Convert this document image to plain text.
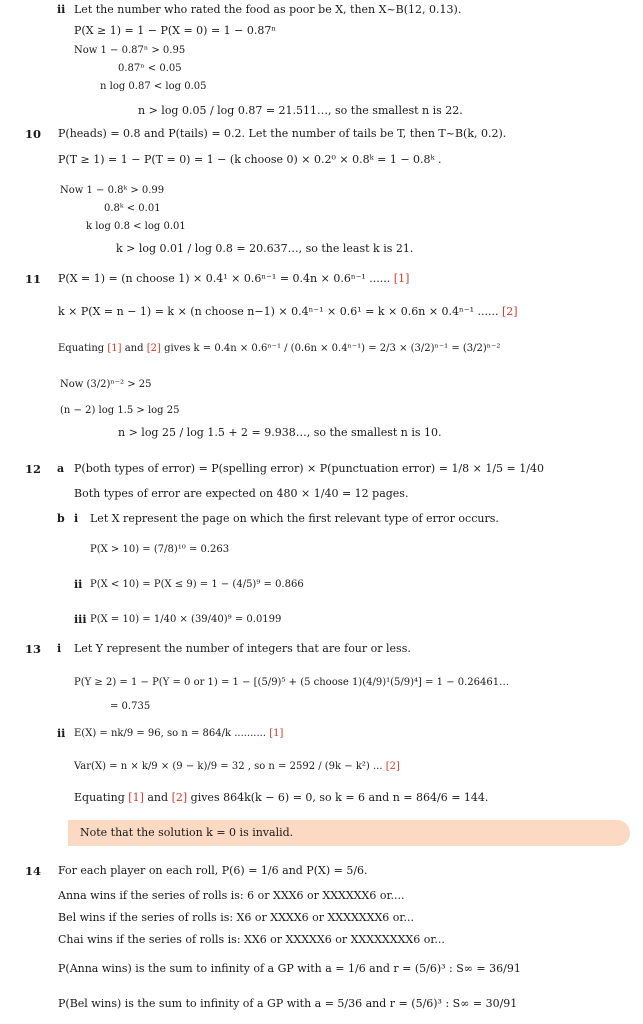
ii Let the number who rated the food as poor be X, then X~B(12, 0.13).
P(X ≥ 1) = 1 − P(X = 0) = 1 − 0.87ⁿ
Now 1 − 0.87ⁿ > 0.95
0.87ⁿ < 0.05
n log 0.87 < log 0.05
n > log 0.05 / log 0.87 = 21.511…, so the smallest n is 22.
10 P(heads) = 0.8 and P(tails) = 0.2. Let the number of tails be T, then T~B(k, 0.2).
P(T ≥ 1) = 1 − P(T = 0) = 1 − (k choose 0) × 0.2⁰ × 0.8ᵏ = 1 − 0.8ᵏ .
Now 1 − 0.8ᵏ > 0.99
0.8ᵏ < 0.01
k log 0.8 < log 0.01
k > log 0.01 / log 0.8 = 20.637…, so the least k is 21.
11 P(X = 1) = (n choose 1) × 0.4¹ × 0.6ⁿ⁻¹ = 0.4n × 0.6ⁿ⁻¹ ...... [1]
k × P(X = n − 1) = k × (n choose n−1) × 0.4ⁿ⁻¹ × 0.6¹ = k × 0.6n × 0.4ⁿ⁻¹ ...... [2]
Equating [1] and [2] gives k = 0.4n × 0.6ⁿ⁻¹ / (0.6n × 0.4ⁿ⁻¹) = 2/3 × (3/2)ⁿ⁻¹ = (3/2)ⁿ⁻²
Now (3/2)ⁿ⁻² > 25
(n − 2) log 1.5 > log 25
n > log 25 / log 1.5 + 2 = 9.938…, so the smallest n is 10.
12 a P(both types of error) = P(spelling error) × P(punctuation error) = 1/8 × 1/5 = 1/40
Both types of error are expected on 480 × 1/40 = 12 pages.
b i Let X represent the page on which the first relevant type of error occurs.
P(X > 10) = (7/8)¹⁰ = 0.263
ii P(X < 10) = P(X ≤ 9) = 1 − (4/5)⁹ = 0.866
iii P(X = 10) = 1/40 × (39/40)⁹ = 0.0199
13 i Let Y represent the number of integers that are four or less.
P(Y ≥ 2) = 1 − P(Y = 0 or 1) = 1 − [(5/9)⁵ + (5 choose 1)(4/9)¹(5/9)⁴] = 1 − 0.26461…
= 0.735
ii E(X) = nk/9 = 96, so n = 864/k .......... [1]
Var(X) = n × k/9 × (9 − k)/9 = 32 , so n = 2592 / (9k − k²) ... [2]
Equating [1] and [2] gives 864k(k − 6) = 0, so k = 6 and n = 864/6 = 144.
Note that the solution k = 0 is invalid.
14 For each player on each roll, P(6) = 1/6 and P(X) = 5/6.
Anna wins if the series of rolls is: 6 or XXX6 or XXXXXX6 or....
Bel wins if the series of rolls is: X6 or XXXX6 or XXXXXXX6 or...
Chai wins if the series of rolls is: XX6 or XXXXX6 or XXXXXXXX6 or...
P(Anna wins) is the sum to infinity of a GP with a = 1/6 and r = (5/6)³ : S∞ = 36/91
P(Bel wins) is the sum to infinity of a GP with a = 5/36 and r = (5/6)³ : S∞ = 30/91
